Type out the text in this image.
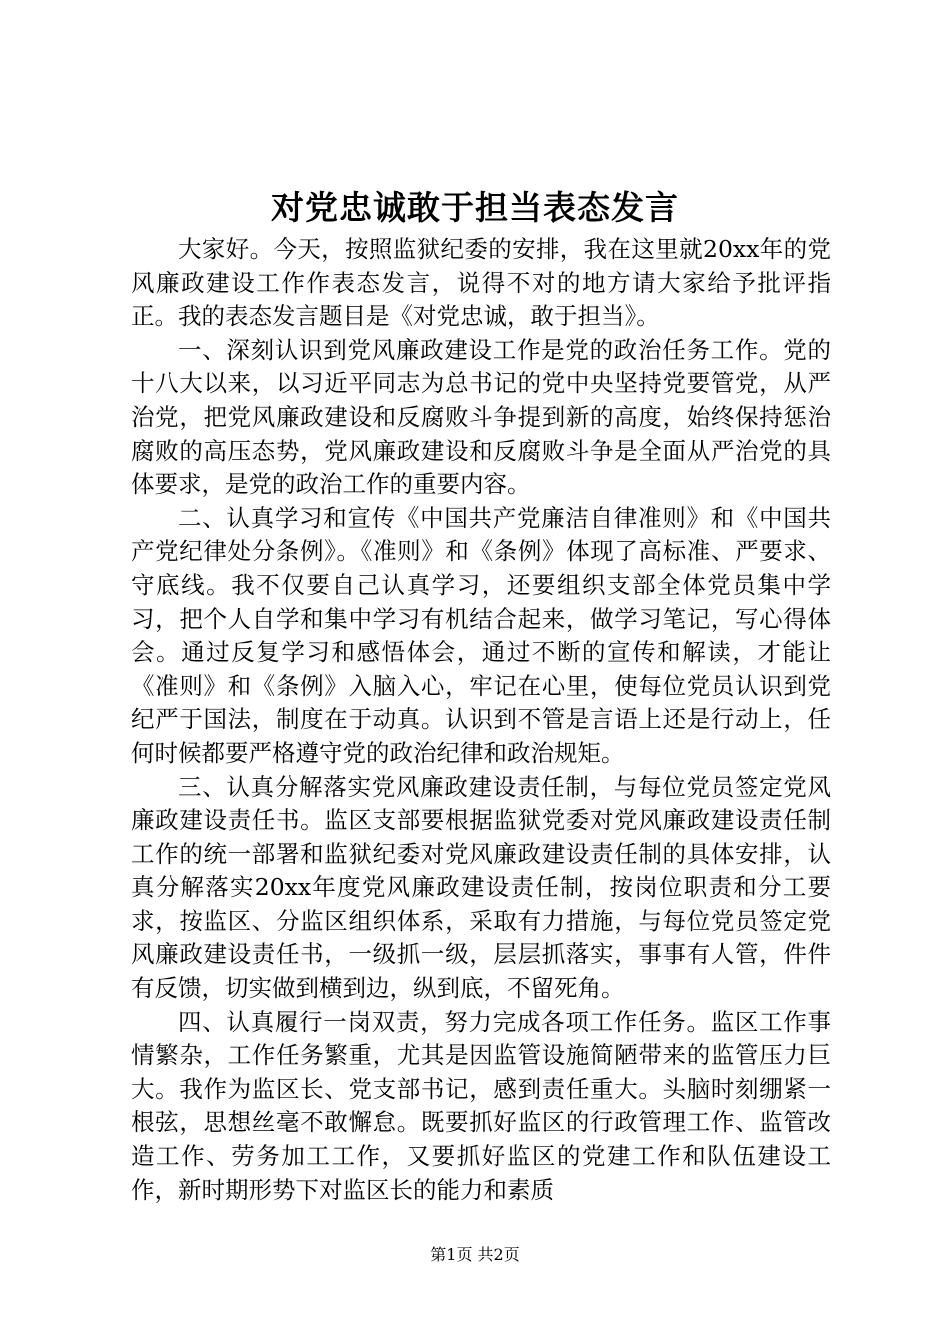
对党忠诚敢于担当表态发言

大家好。今天，按照监狱纪委的安排，我在这里就20xx年的党风廉政建设工作作表态发言，说得不对的地方请大家给予批评指正。我的表态发言题目是《对党忠诚，敢于担当》。

一、深刻认识到党风廉政建设工作是党的政治任务工作。党的十八大以来，以习近平同志为总书记的党中央坚持党要管党，从严治党，把党风廉政建设和反腐败斗争提到新的高度，始终保持惩治腐败的高压态势，党风廉政建设和反腐败斗争是全面从严治党的具体要求，是党的政治工作的重要内容。

二、认真学习和宣传《中国共产党廉洁自律准则》和《中国共产党纪律处分条例》。《准则》和《条例》体现了高标准、严要求、守底线。我不仅要自己认真学习，还要组织支部全体党员集中学习，把个人自学和集中学习有机结合起来，做学习笔记，写心得体会。通过反复学习和感悟体会，通过不断的宣传和解读，才能让《准则》和《条例》入脑入心，牢记在心里，使每位党员认识到党纪严于国法，制度在于动真。认识到不管是言语上还是行动上，任何时候都要严格遵守党的政治纪律和政治规矩。

三、认真分解落实党风廉政建设责任制，与每位党员签定党风廉政建设责任书。监区支部要根据监狱党委对党风廉政建设责任制工作的统一部署和监狱纪委对党风廉政建设责任制的具体安排，认真分解落实20xx年度党风廉政建设责任制，按岗位职责和分工要求，按监区、分监区组织体系，采取有力措施，与每位党员签定党风廉政建设责任书，一级抓一级，层层抓落实，事事有人管，件件有反馈，切实做到横到边，纵到底，不留死角。

四、认真履行一岗双责，努力完成各项工作任务。监区工作事情繁杂，工作任务繁重，尤其是因监管设施简陋带来的监管压力巨大。我作为监区长、党支部书记，感到责任重大。头脑时刻绷紧一根弦，思想丝毫不敢懈怠。既要抓好监区的行政管理工作、监管改造工作、劳务加工工作，又要抓好监区的党建工作和队伍建设工作，新时期形势下对监区长的能力和素质

第1页 共2页
